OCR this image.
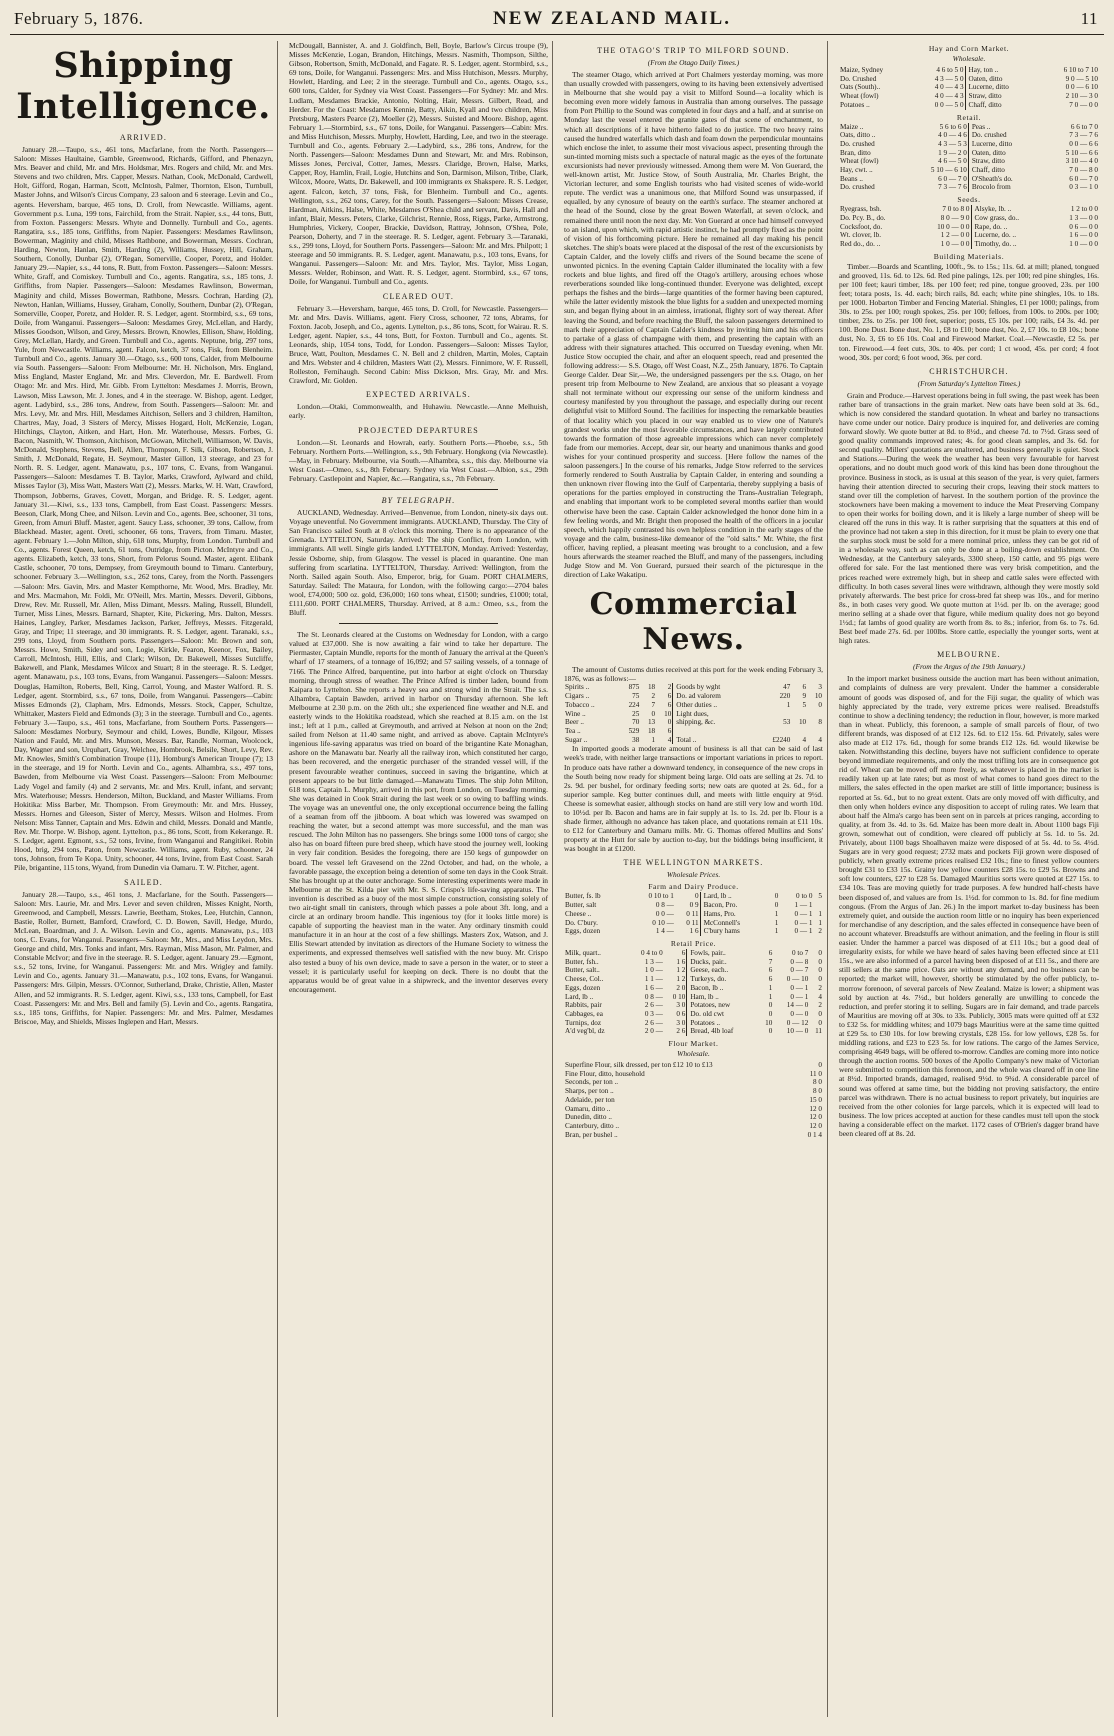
February 5, 1876.	NEW ZEALAND MAIL.	11
Shipping Intelligence.
ARRIVED.

January 28.—Taupo, s.s., 461 tons, Macfarlane, from the North. Passengers—Saloon: Misses Haultaine, Gamble, Greenwood, Richards, Gifford, and Phenazyn, Mrs. Beaver and child, Mr. and Mrs. Holdsmar, Mrs. Rogers and child, Mr. and Mrs. Stevens and two children, Mrs. Capper, Messrs. Nathan, Cook, McDonald, Cardwell, Holt, Gifford, Rogan, Harman, Scott, McIntosh, Palmer, Thornton, Elson, Turnbull, Master Johns, and Wilson's Circus Company, 23 saloon and 6 steerage. Levin and Co., agents. Heversham, barque, 465 tons, D. Croll, from Newcastle. Williams, agent. Government p.s. Luna, 199 tons, Fairchild, from the Strait. Napier, s.s., 44 tons, Butt, from Foxton. Passengers: Messrs. Whyte and Donnelly. Turnbull and Co., agents. Rangatira, s.s., 185 tons, Griffiths, from Napier. Passengers: Mesdames Rawlinson, Bowerman, Maginity and child, Misses Rathbone, and Bowerman, Messrs. Cochran, Harding, Newton, Hanlan, Smith, Harding (2), Williams, Hussey, Hill, Graham, Southern, Conolly, Dunbar (2), O'Regan, Somerville, Cooper, Poretz, and Holder. January 29.—Napier, s.s., 44 tons, R. Butt, from Foxton. Passengers—Saloon: Messrs. White, Graff, and Comiskey. Turnbull and Co., agents. Rangatira, s.s., 185 tons, J. Griffiths, from Napier. Passengers—Saloon: Mesdames Rawlinson, Bowerman, Maginity and child, Misses Bowerman, Rathbone, Messrs. Cochran, Harding (2), Newton, Hanlan, Williams, Hussey, Graham, Conolly, Southern, Dunbar (2), O'Regan, Somerville, Cooper, Poretz, and Holder. R. S. Ledger, agent. Stormbird, s.s., 69 tons, Doile, from Wanganui. Passengers—Saloon: Mesdames Grey, McLellan, and Hardy, Misses Goodson, Wilson, and Grey, Messrs. Brown, Knowles, Ellison, Shaw, Holding, Grey, McLellan, Hardy, and Green. Turnbull and Co., agents. Neptune, brig, 297 tons, Yule, from Newcastle. Williams, agent. Falcon, ketch, 37 tons, Fisk, from Blenheim. Turnbull and Co., agents. January 30.—Otago, s.s., 600 tons, Calder, from Melbourne via South. Passengers—Saloon: From Melbourne: Mr. H. Nicholson, Mrs. England, Miss England, Master England, Mr. and Mrs. Cleverdon, Mr. E. Bardwell. From Otago: Mr. and Mrs. Hird, Mr. Gibb. From Lyttelton: Mesdames J. Morris, Brown, Lawson, Miss Lawson, Mr. J. Jones, and 4 in the steerage. W. Bishop, agent. Ledger, agent. Ladybird, s.s., 286 tons, Andrew, from South. Passengers—Saloon: Mr. and Mrs. Levy, Mr. and Mrs. Hill, Mesdames Aitchison, Sellers and 3 children, Hamilton, Chartres, May, Joad, 3 Sisters of Mercy, Misses Hogard, Holt, McKenzie, Logan, Hitchings, Clayton, Aitken, and Hart, Hon. Mr. Waterhouse, Messrs. Forbes, G. Bacon, Nasmith, W. Thomson, Aitchison, McGowan, Mitchell, Williamson, W. Davis, McDonald, Stephens, Stevens, Bell, Allen, Thompson, F. Silk, Gibson, Robertson, J. Smith, J. McDonald, Regate, H. Seymour, Master Gillon, 13 steerage, and 23 for North. R. S. Ledger, agent. Manawatu, p.s., 107 tons, C. Evans, from Wanganui. Passengers—Saloon: Mesdames T. B. Taylor, Marks, Crawford, Aylward and child, Misses Taylor (3), Miss Watt, Masters Watt (2), Messrs. Marks, W. H. Watt, Crawford, Thompson, Jobberns, Graves, Covett, Morgan, and Bridge. R. S. Ledger, agent. January 31.—Kiwi, s.s., 133 tons, Campbell, from East Coast. Passengers: Messrs. Beeson, Clark, Mong Chee, and Nilson. Levin and Co., agents. Bee, schooner, 31 tons, Green, from Amuri Bluff. Master, agent. Saucy Lass, schooner, 39 tons, Callow, from Blackhead. Master, agent. Oreti, schooner, 66 tons, Travers, from Timaru. Master, agent. February 1.—John Milton, ship, 618 tons, Murphy, from London. Turnbull and Co., agents. Forest Queen, ketch, 61 tons, Outridge, from Picton. McIntyre and Co., agents. Elizabeth, ketch, 33 tons, Short, from Pelorus Sound. Master, agent. Elibank Castle, schooner, 70 tons, Dempsey, from Greymouth bound to Timaru. Canterbury, schooner. February 3.—Wellington, s.s., 262 tons, Carey, from the North. Passengers—Saloon: Mrs. Gavin, Mrs. and Master Kempthorne, Mr. Wood, Mrs. Bradley, Mr. and Mrs. Macmahon, Mr. Foldi, Mr. O'Neill, Mrs. Martin, Messrs. Deveril, Gibbons, Drew, Rev. Mr. Russell, Mr. Allen, Miss Dimant, Messrs. Maling, Russell, Blundell, Turner, Miss Lines, Messrs. Barnard, Shapter, Kite, Pickering, Mrs. Dalton, Messrs. Haines, Langley, Parker, Mesdames Jackson, Parker, Jeffreys, Messrs. Fitzgerald, Gray, and Tripe; 11 steerage, and 30 immigrants. R. S. Ledger, agent. Taranaki, s.s., 299 tons, Lloyd, from Southern ports. Passengers—Saloon: Mr. Brown and son, Messrs. Howe, Smith, Sidey and son, Logie, Kirkle, Fearon, Keenor, Fox, Bailey, Carroll, McIntosh, Hill, Ellis, and Clark; Wilson, Dr. Bakewell, Misses Sutcliffe, Bakewell, and Plank, Mesdames Wilcox and Stuart; 8 in the steerage. R. S. Ledger, agent. Manawatu, p.s., 103 tons, Evans, from Wanganui. Passengers—Saloon: Messrs. Douglas, Hamilton, Roberts, Bell, King, Carrol, Young, and Master Walford. R. S. Ledger, agent. Stormbird, s.s., 67 tons, Doile, from Wanganui. Passengers—Cabin: Misses Edmonds (2), Clapham, Mrs. Edmonds, Messrs. Stock, Capper, Schultze, Whittaker, Masters Field and Edmonds (3); 3 in the steerage. Turnbull and Co., agents. February 3.—Taupo, s.s., 461 tons, Macfarlane, from Southern Ports. Passengers—Saloon: Mesdames Norbury, Seymour and child, Lowes, Bundle, Kilgour, Misses Nation and Fauld, Mr. and Mrs. Munson, Messrs. Bar, Randle, Norman, Woolcock, Day, Wagner and son, Urquhart, Gray, Welchee, Hombrook, Belsile, Short, Levy, Rev. Mr. Knowles, Smith's Combination Troupe (11), Homburg's American Troupe (7); 13 in the steerage, and 19 for North. Levin and Co., agents. Alhambra, s.s., 497 tons, Bawden, from Melbourne via West Coast. Passengers—Saloon: From Melbourne: Lady Vogel and family (4) and 2 servants, Mr. and Mrs. Krull, infant, and servant; Mrs. Waterhouse; Messrs. Henderson, Milton, Buckland, and Master Williams. From Hokitika: Miss Barber, Mr. Thompson. From Greymouth: Mr. and Mrs. Hussey, Messrs. Hornes and Gleeson, Sister of Mercy, Messrs. Wilson and Holmes. From Nelson: Miss Tanner, Captain and Mrs. Edwin and child, Messrs. Donald and Mantle, Rev. Mr. Thorpe. W. Bishop, agent. Lyttelton, p.s., 86 tons, Scott, from Kekerange. R. S. Ledger, agent. Egmont, s.s., 52 tons, Irvine, from Wanganui and Rangitikei. Robin Hood, brig, 294 tons, Paton, from Newcastle. Williams, agent. Ruby, schooner, 24 tons, Johnson, from Te Kopa. Unity, schooner, 44 tons, Irvine, from East Coast. Sarah Pile, brigantine, 115 tons, Wyand, from Dunedin via Oamaru. T. W. Pitcher, agent.

SAILED.

January 28.—Taupo, s.s., 461 tons, J. Macfarlane, for the South. Passengers—Saloon: Mrs. Laurie, Mr. and Mrs. Lever and seven children, Misses Knight, North, Greenwood, and Campbell, Messrs. Lawrie, Beetham, Stokes, Lee, Hutchin, Cannon, Bastie, Roller, Burnett, Bamford, Crawford, C. D. Bowen, Savill, Hedge, Murdo, McLean, Boardman, and J. A. Wilson. Levin and Co., agents. Manawatu, p.s., 103 tons, C. Evans, for Wanganui. Passengers—Saloon: Mr., Mrs., and Miss Leydon, Mrs. George and child, Mrs. Tonks and infant, Mrs. Rayman, Miss Mason, Mr. Palmer, and Constable McIvor; and five in the steerage. R. S. Ledger, agent. January 29.—Egmont, s.s., 52 tons, Irvine, for Wanganui. Passengers: Mr. and Mrs. Wrigley and family. Levin and Co., agents. January 31.—Manawatu, p.s., 102 tons, Evans, for Wanganui. Passengers: Mrs. Gilpin, Messrs. O'Connor, Sutherland, Drake, Christie, Allen, Master Allen, and 52 immigrants. R. S. Ledger, agent. Kiwi, s.s., 133 tons, Campbell, for East Coast. Passengers: Mr. and Mrs. Bell and family (5). Levin and Co., agents. Rangatira, s.s., 185 tons, Griffiths, for Napier. Passengers: Mr. and Mrs. Palmer, Mesdames Briscoe, May, and Shields, Misses Inglepen and Hart, Messrs.

McDougall, Bannister, A. and J. Goldfinch, Bell, Boyle, Barlow's Circus troupe (9), Misses McKenzie, Logan, Brandon, Hitchings, Messrs. Nasmith, Thompson, Silthe, Gibson, Robertson, Smith, McDonald, and Fagate. R. S. Ledger, agent. Stormbird, s.s., 69 tons, Doile, for Wanganui. Passengers: Mrs. and Miss Hutchison, Messrs. Murphy, Howlett, Harding, and Lee; 2 in the steerage. Turnbull and Co., agents. Otago, s.s., 600 tons, Calder, for Sydney via West Coast. Passengers—For Sydney: Mr. and Mrs. Ludlam, Mesdames Brackie, Antonio, Nolting, Hair, Messrs. Gilbert, Read, and Herder. For the Coast: Mesdames Kennie, Batty, Aikin, Kyall and two children, Miss Pretsburg, Masters Pearce (2), Moeller (2), Messrs. Suisted and Moore. Bishop, agent. February 1.—Stormbird, s.s., 67 tons, Doile, for Wanganui. Passengers—Cabin: Mrs. and Miss Hutchison, Messrs. Murphy, Howlett, Harding, Lee, and two in the steerage. Turnbull and Co., agents. February 2.—Ladybird, s.s., 286 tons, Andrew, for the North. Passengers—Saloon: Mesdames Dunn and Stewart, Mr. and Mrs. Robinson, Misses Jones, Percival, Cotter, James, Messrs. Claridge, Brown, Halse, Marks, Capper, Roy, Hamlin, Frail, Logie, Hutchins and Son, Darmison, Milson, Tribe, Clark, Wilcox, Moore, Watts, Dr. Bakewell, and 100 immigrants ex Shakspere. R. S. Ledger, agent. Falcon, ketch, 37 tons, Fisk, for Blenheim. Turnbull and Co., agents. Wellington, s.s., 262 tons, Carey, for the South. Passengers—Saloon: Misses Crease, Hardman, Aitkins, Halse, White, Mesdames O'Shea child and servant, Davis, Hall and infant, Blair, Messrs. Peters, Clarke, Gilchrist, Rennie, Ross, Riggs, Parke, Armstrong, Humphries, Vickery, Cooper, Brackie, Davidson, Rattray, Johnson, O'Shea, Pole, Pearson, Doherty, and 7 in the steerage. R. S. Ledger, agent. February 3.—Taranaki, s.s., 299 tons, Lloyd, for Southern Ports. Passengers—Saloon: Mr. and Mrs. Philpott; 1 steerage and 50 immigrants. R. S. Ledger, agent. Manawatu, p.s., 103 tons, Evans, for Wanganui. Passengers—Saloon: Mr. and Mrs. Taylor, Mrs. Taylor, Miss Logan, Messrs. Welder, Robinson, and Watt. R. S. Ledger, agent. Stormbird, s.s., 67 tons, Doile, for Wanganui. Turnbull and Co., agents.

CLEARED OUT.

February 3.—Heversham, barque, 465 tons, D. Croll, for Newcastle. Passengers—Mr. and Mrs. Davis. Williams, agent. Fiery Cross, schooner, 72 tons, Abrams, for Foxton. Jacob, Joseph, and Co., agents. Lyttelton, p.s., 86 tons, Scott, for Wairau. R. S. Ledger, agent. Napier, s.s., 44 tons, Butt, for Foxton. Turnbull and Co., agents. St. Leonards, ship, 1054 tons, Todd, for London. Passengers—Saloon: Misses Taylor, Bruce, Watt, Poulton, Mesdames C. N. Bell and 2 children, Martin, Moles, Captain and Mrs. Webster and 4 children, Masters Watt (2), Messrs. Finnimore, W. F. Russell, Rolleston, Fernihaugh. Second Cabin: Miss Dickson, Mrs. Gray, Mr. and Mrs. Crawford, Mr. Golden.

EXPECTED ARRIVALS.

London.—Otaki, Commonwealth, and Huhawiu. Newcastle.—Anne Melhuish, early.

PROJECTED DEPARTURES

London.—St. Leonards and Howrah, early. Southern Ports.—Phoebe, s.s., 5th February. Northern Ports.—Wellington, s.s., 9th February. Hongkong (via Newcastle).—May, in February. Melbourne, via South.—Alhambra, s.s., this day. Melbourne via West Coast.—Omeo, s.s., 8th February. Sydney via West Coast.—Albion, s.s., 29th February. Castlepoint and Napier, &c.—Rangatira, s.s., 7th February.

BY TELEGRAPH.

AUCKLAND, Wednesday. Arrived—Benvenue, from London, ninety-six days out. Voyage uneventful. No Government immigrants. AUCKLAND, Thursday. The City of San Francisco sailed South at 8 o'clock this morning. There is no appearance of the Grenada. LYTTELTON, Saturday. Arrived: The ship Conflict, from London, with immigrants. All well. Single girls landed. LYTTELTON, Monday. Arrived: Yesterday, Jessie Osborne, ship, from Glasgow. The vessel is placed in quarantine. One man suffering from scarlatina. LYTTELTON, Thursday. Arrived: Wellington, from the North. Sailed again South. Also, Emperor, brig, for Guam. PORT CHALMERS, Saturday. Sailed: The Mataura, for London, with the following cargo:—2704 bales wool, £74,000; 500 oz. gold, £36,000; 160 tons wheat, £1500; sundries, £1000; total, £111,600. PORT CHALMERS, Thursday. Arrived, at 8 a.m.: Omeo, s.s., from the Bluff.

The St. Leonards cleared at the Customs on Wednesday for London, with a cargo valued at £37,000. She is now awaiting a fair wind to take her departure. The Piermaster, Captain Mundle, reports for the month of January the arrival at the Queen's wharf of 17 steamers, of a tonnage of 16,092; and 57 sailing vessels, of a tonnage of 7166. The Prince Alfred, barquentine, put into harbor at eight o'clock on Thursday morning, through stress of weather. The Prince Alfred is timber laden, bound from Kaipara to Lyttelton. She reports a heavy sea and strong wind in the Strait. The s.s. Alhambra, Captain Bawden, arrived in harbor on Thursday afternoon. She left Melbourne at 2.30 p.m. on the 26th ult.; she experienced fine weather and N.E. and easterly winds to the Hokitika roadstead, which she reached at 8.15 a.m. on the 1st inst.; left at 1 p.m., called at Greymouth, and arrived at Nelson at noon on the 2nd; sailed from Nelson at 11.40 same night, and arrived as above. Captain McIntyre's ingenious life-saving apparatus was tried on board of the brigantine Kate Monaghan, ashore on the Manawatu bar. Nearly all the railway iron, which constituted her cargo, has been recovered, and the energetic purchaser of the stranded vessel will, if the present favourable weather continues, succeed in saving the brigantine, which at present appears to be but little damaged.—Manawatu Times. The ship John Milton, 618 tons, Captain L. Murphy, arrived in this port, from London, on Tuesday morning. She was detained in Cook Strait during the last week or so owing to baffling winds. The voyage was an uneventful one, the only exceptional occurrence being the falling of a seaman from off the jibboom. A boat which was lowered was swamped on reaching the water, but a second attempt was more successful, and the man was rescued. The John Milton has no passengers. She brings some 1000 tons of cargo; she also has on board fifteen pure bred sheep, which have stood the journey well, looking in very fair condition. Besides the foregoing, there are 150 kegs of gunpowder on board. The vessel left Gravesend on the 22nd October, and had, on the whole, a favorable passage, the exception being a detention of some ten days in the Cook Strait. She has brought up at the outer anchorage. Some interesting experiments were made in Melbourne at the St. Kilda pier with Mr. S. S. Crispo's life-saving apparatus. The invention is described as a buoy of the most simple construction, consisting solely of two air-tight small tin canisters, through which passes a pole about 3ft. long, and a circle at an ordinary broom handle. This ingenious toy (for it looks little more) is capable of supporting the heaviest man in the water. Any ordinary tinsmith could manufacture it in an hour at the cost of a few shillings. Masters Zox, Watson, and J. Ellis Stewart attended by invitation as directors of the Humane Society to witness the experiments, and expressed themselves well satisfied with the new buoy. Mr. Crispo also tested a buoy of his own device, made to save a person in the water, or to steer a vessel; it is particularly useful for keeping on deck. There is no doubt that the apparatus would be of great value in a shipwreck, and the inventor deserves every encouragement.

THE OTAGO'S TRIP TO MILFORD SOUND.
(From the Otago Daily Times.)

The steamer Otago, which arrived at Port Chalmers yesterday morning, was more than usually crowded with passengers, owing to its having been extensively advertised in Melbourne that she would pay a visit to Milford Sound—a locality which is becoming even more widely famous in Australia than among ourselves. The passage from Port Phillip to the Sound was completed in four days and a half, and at sunrise on Monday last the vessel entered the granite gates of that scene of enchantment, to which all descriptions of it have hitherto failed to do justice. The two heavy rains caused the hundred waterfalls which dash and foam down the perpendicular mountains which enclose the inlet, to assume their most vivacious aspect, presenting through the sun-tinted morning mists such a spectacle of natural magic as the eyes of the fortunate excursionists had never previously witnessed. Among them were M. Von Guerard, the well-known artist, Mr. Justice Stow, of South Australia, Mr. Charles Bright, the Victorian lecturer, and some English tourists who had visited scenes of wide-world repute. The verdict was a unanimous one, that Milford Sound was unsurpassed, if equalled, by any cynosure of beauty on the earth's surface. The steamer anchored at the head of the Sound, close by the great Bowen Waterfall, at seven o'clock, and remained there until noon the next day. Mr. Von Guerard at once had himself conveyed to an island, upon which, with rapid artistic instinct, he had promptly fixed as the point of vision of his forthcoming picture. Here he remained all day making his pencil sketches. The ship's boats were placed at the disposal of the rest of the excursionists by Captain Calder, and the lovely cliffs and rivers of the Sound became the scene of unwonted picnics. In the evening Captain Calder illuminated the locality with a few rockets and blue lights, and fired off the Otago's artillery, arousing echoes whose reverberations sounded like long-continued thunder. Everyone was delighted, except perhaps the fishes and the birds—large quantities of the former having been captured, while the latter evidently mistook the blue lights for a sudden and unexpected morning sun, and began flying about in an aimless, irrational, flighty sort of way thereat. After leaving the Sound, and before reaching the Bluff, the saloon passengers determined to mark their appreciation of Captain Calder's kindness by inviting him and his officers to partake of a glass of champagne with them, and presenting the captain with an address with their signatures attached. This occurred on Tuesday evening, when Mr. Justice Stow occupied the chair, and after an eloquent speech, read and presented the following address:— S.S. Otago, off West Coast, N.Z., 25th January, 1876. To Captain George Calder. Dear Sir,—We, the undersigned passengers per the s.s. Otago, on her present trip from Melbourne to New Zealand, are anxious that so pleasant a voyage shall not terminate without our expressing our sense of the uniform kindness and courtesy manifested by you throughout the passage, and especially during our recent delightful visit to Milford Sound. The facilities for inspecting the remarkable beauties of that locality which you placed in our way enabled us to view one of Nature's grandest works under the most favorable circumstances, and have largely contributed towards the formation of those agreeable impressions which can never completely fade from our memories. Accept, dear sir, our hearty and unanimous thanks and good wishes for your continued prosperity and success. [Here follow the names of the saloon passengers.] In the course of his remarks, Judge Stow referred to the services formerly rendered to South Australia by Captain Calder, in entering and sounding a then unknown river flowing into the Gulf of Carpentaria, thereby supplying a basis of operations for the parties employed in constructing the Trans-Australian Telegraph, and enabling that important work to be completed several months earlier than would otherwise have been the case. Captain Calder acknowledged the honor done him in a few feeling words, and Mr. Bright then proposed the health of the officers in a jocular speech, which happily contrasted his own helpless condition in the early stages of the voyage and the calm, business-like demeanor of the "old salts." Mr. White, the first officer, having replied, a pleasant meeting was brought to a conclusion, and a few hours afterwards the steamer reached the Bluff, and many of the passengers, including Judge Stow and M. Von Guerard, pursued their search of the picturesque in the direction of Lake Wakatipu.

Commercial News.

The amount of Customs duties received at this port for the week ending February 3, 1876, was as follows:—

Spirits ..	875	18	2	Goods by wght	47	6	3
Cigars ..	75	2	6	Do. ad valorem	220	9	10
Tobacco ..	224	7	6	Other duties ..	1	5	0
Wine ..	25	0	10	Light dues,			
Beer ..	70	13	0	shipping, &c.	53	10	8
Tea ..	529	18	6				
Sugar ..	38	1	4	Total ..	£2240	4	4

In imported goods a moderate amount of business is all that can be said of last week's trade, with neither large transactions or important variations in prices to report. In produce oats have rather a downward tendency, in consequence of the new crops in the South being now ready for shipment being large. Old oats are selling at 2s. 7d. to 2s. 9d. per bushel, for ordinary feeding sorts; new oats are quoted at 2s. 6d., for a superior sample. Keg butter continues dull, and meets with little enquiry at 9½d. Cheese is somewhat easier, although stocks on hand are still very low and worth 10d. to 10½d. per lb. Bacon and hams are in fair supply at 1s. to 1s. 2d. per lb. Flour is a shade firmer, although no advance has taken place, and quotations remain at £11 10s. to £12 for Canterbury and Oamaru mills. Mr. G. Thomas offered Mullins and Sons' property at the Hutt for sale by auction to-day, but the biddings being insufficient, it was bought in at £1200.

THE WELLINGTON MARKETS.
Wholesale Prices.
Farm and Dairy Produce.
Butter, fs. lb	0 10 to 1	0	Lard, lb ..	0	0 to 0	5
Butter, salt	0 8 —	0 9	Bacon, Pro.	0	1 — 1	
Cheese ..	0 0 —	0 11	Hams, Pro.	1	0 — 1	1
Do. C'bury.	0 10 —	0 11	McConnell's	1	0 — 1	1
Eggs, dozen	1 4 —	1 6	C'bury hams	1	0 — 1	2
Retail Price.
Milk, quart..	0 4 to 0	6	Fowls, pair..	6	0 to 7	0
Butter, fsh..	1 3 —	1 6	Ducks, pair..	7	0 — 8	0
Butter, salt..	1 0 —	1 2	Geese, each..	6	0 — 7	0
Cheese, Col..	1 1 —	1 2	Turkeys, do.	6	0 — 10	0
Eggs, dozen	1 6 —	2 0	Bacon, lb ..	1	0 — 1	2
Lard, lb ..	0 8 —	0 10	Ham, lb ..	1	0 — 1	4
Rabbits, pair	2 6 —	3 0	Potatoes, new	0	14 — 0	2
Cabbages, ea	0 3 —	0 6	Do. old cwt	0	0 — 0	0
Turnips, doz	2 6 —	3 0	Potatoes ..	10	0 — 12	0
A'd veg'bl, dz	2 0 —	2 6	Bread, 4lb loaf	0	10 — 0	11
Flour Market.
Wholesale.
Superfine Flour, silk dressed, per ton £12 10 to £13	0
Fine Flour, ditto, household	11 0
Seconds, per ton ..	8 0
Sharps, per ton ..	8 0
Adelaide, per ton	15 0
Oamaru, ditto ..	12 0
Dunedin, ditto ..	12 0
Canterbury, ditto ..	12 0
Bran, per bushel ..	0 1 4
Hay and Corn Market.
Wholesale.
Maize, Sydney	4 6 to 5 0	Hay, ton ..	6 10 to 7 10
Do. Crushed	4 3 — 5 0	Oaten, ditto	9 0 — 5 10
Oats (South)..	4 0 — 4 3	Lucerne, ditto	0 0 — 6 10
Wheat (fowl)	4 0 — 4 3	Straw, ditto	2 10 — 3 0
Potatoes ..	0 0 — 5 0	Chaff, ditto	7 0 — 0 0
Retail.
Maize ..	5 6 to 6 0	Peas ..	6 6 to 7 0
Oats, ditto ..	4 0 — 4 6	Do. crushed	7 3 — 7 6
Do. crushed	4 3 — 5 3	Lucerne, ditto	0 0 — 6 6
Bran, ditto	1 9 — 2 0	Oaten, ditto	5 10 — 6 6
Wheat (fowl)	4 6 — 5 0	Straw, ditto	3 10 — 4 0
Hay, cwt. ..	5 10 — 6 10	Chaff, ditto	7 0 — 8 0
Beans ..	6 0 — 7 0	O'Sheath's do.	6 0 — 7 0
Do. crushed	7 3 — 7 6	Brocolo from	0 3 — 1 0
Seeds.
Ryegrass, bsh.	7 0 to 8 0	Alsyke, lb. ..	1 2 to 0 0
Do. Pcy. B., do.	8 0 — 9 0	Cow grass, do..	1 3 — 0 0
Cocksfoot, do.	10 0 — 0 0	Rape, do. ..	0 6 — 0 0
Wt. clover, lb.	1 2 — 0 0	Lucerne, do. ..	1 6 — 0 0
Red do., do. ..	1 0 — 0 0	Timothy, do. ..	1 0 — 0 0
Building Materials.

Timber.—Boards and Scantling, 100ft., 9s. to 15s.; 11s. 6d. at mill; planed, tongued and grooved, 11s. 6d. to 12s. 6d. Red pine palings, 12s. per 100; red pine shingles, 16s. per 100 feet; kauri timber, 18s. per 100 feet; red pine, tongue grooved, 23s. per 100 feet; totara posts, 1s. 4d. each; birch rails, 8d. each; white pine shingles, 10s. to 18s. per 1000. Hobarton Timber and Fencing Material. Shingles, £1 per 1000; palings, from 30s. to 25s. per 100; rough spokes, 25s. per 100; felloes, from 100s. to 200s. per 100; timber, 23s. to 25s. per 100 feet, superior; posts, £5 10s. per 100; rails, £4 3s. 4d. per 100. Bone Dust. Bone dust, No. 1, £8 to £10; bone dust, No. 2, £7 10s. to £8 10s.; bone dust, No. 3, £6 to £6 10s. Coal and Firewood Market. Coal.—Newcastle, £2 5s. per ton. Firewood.—4 feet cuts, 30s. to 40s. per cord; 1 ct wood, 45s. per cord; 4 foot wood, 30s. per cord; 6 foot wood, 36s. per cord.

CHRISTCHURCH.
(From Saturday's Lyttelton Times.)

Grain and Produce.—Harvest operations being in full swing, the past week has been rather bare of transactions in the grain market. New oats have been sold at 3s. 6d., which is now considered the standard quotation. In wheat and barley no transactions have come under our notice. Dairy produce is inquired for, and deliveries are coming forward slowly. We quote butter at 8d. to 8½d., and cheese 7d. to 7½d. Grass seed of good quality commands improved rates; 4s. for good clean samples, and 3s. 6d. for second quality. Millers' quotations are unaltered, and business generally is quiet. Stock and Stations.—During the week the weather has been very favourable for harvest operations, and no doubt much good work of this kind has been done throughout the province. Business in stock, as is usual at this season of the year, is very quiet, farmers having their attention directed to securing their crops, leaving their stock matters to stand over till the completion of harvest. In the southern portion of the province the stockowners have been making a movement to induce the Meat Preserving Company to open their works for boiling down, and it is likely a large number of sheep will be cleared off the runs in this way. It is rather surprising that the squatters at this end of the province had not taken a step in this direction, for it must be plain to every one that the surplus stock must be sold for a mere nominal price, unless they can be got rid of in a wholesale way, such as can only be done at a boiling-down establishment. On Wednesday, at the Canterbury saleyards, 3300 sheep, 150 cattle, and 95 pigs were offered for sale. For the last mentioned there was very brisk competition, and the prices reached were extremely high, but in sheep and cattle sales were effected with difficulty. In both cases several lines were withdrawn, although they were mostly sold privately afterwards. The best price for cross-bred fat sheep was 10s., and for merino 8s., in both cases very good. We quote mutton at 1½d. per lb. on the average; good merino selling at a shade over that figure, while medium quality does not go beyond 1½d.; fat lambs of good quality are worth from 8s. to 8s.; inferior, from 6s. to 7s. 6d. Best beef made 27s. 6d. per 100lbs. Store cattle, especially the younger sorts, went at high rates.

MELBOURNE.
(From the Argus of the 19th January.)

In the import market business outside the auction mart has been without animation, and complaints of dulness are very prevalent. Under the hammer a considerable amount of goods was disposed of, and for the Fiji sugar, the quality of which was highly appreciated by the trade, very extreme prices were realised. Breadstuffs continue to show a declining tendency; the reduction in flour, however, is more marked than in wheat. Publicly, this forenoon, a sample of small parcels of flour, of two different brands, was disposed of at £12 12s. 6d. to £12 15s. 6d. Privately, sales were also made at £12 17s. 6d., though for some brands £12 12s. 6d. would likewise be taken. Notwithstanding this decline, buyers have not sufficient confidence to operate beyond immediate requirements, and only the most trifling lots are in consequence got rid of. Wheat can be moved off more freely, as whatever is placed in the market is readily taken up at late rates; but as most of what comes to hand goes direct to the millers, the sales effected in the open market are still of little importance; business is reported at 5s. 6d., but to no great extent. Oats are only moved off with difficulty, and then only when holders evince any disposition to accept of ruling rates. We learn that about half the Alma's cargo has been sent on in parcels at prices ranging, according to quality, at from 3s. 4d. to 3s. 6d. Maize has been more dealt in. About 1100 bags Fiji grown, somewhat out of condition, were cleared off publicly at 5s. 1d. to 5s. 2d. Privately, about 1100 bags Shoalhaven maize were disposed of at 5s. 4d. to 5s. 4½d. Sugars are in very good request; 2732 mats and pockets Fiji grown were disposed of publicly, when greatly extreme prices realised £32 10s.; fine to finest yellow counters brought £31 to £33 15s. Grainy low yellow counters £28 15s. to £29 5s. Browns and soft low counters, £27 to £28 5s. Damaged Mauritius sorts were quoted at £27 15s. to £34 10s. Teas are moving quietly for trade purposes. A few hundred half-chests have been disposed of, and values are from 1s. 1½d. for common to 1s. 8d. for fine medium congous. (From the Argus of Jan. 26.) In the import market to-day business has been extremely quiet, and outside the auction room little or no inquiry has been experienced for merchandise of any description, and the sales effected in consequence have been of no account whatever. Breadstuffs are without animation, and the feeling in flour is still easier. Under the hammer a parcel was disposed of at £11 10s.; but a good deal of irregularity exists, for while we have heard of sales having been effected since at £11 15s., we are also informed of a parcel having been disposed of at £11 5s., and there are still sellers at the same price. Oats are without any demand, and no business can be reported; the market will, however, shortly be stimulated by the offer publicly, to-morrow forenoon, of several parcels of New Zealand. Maize is lower; a shipment was sold by auction at 4s. 7½d., but holders generally are unwilling to concede the reduction, and prefer storing it to selling. Sugars are in fair demand, and trade parcels of Mauritius are moving off at 30s. to 33s. Publicly, 3005 mats were quitted off at £32 to £32 5s. for middling whites; and 1079 bags Mauritius were at the same time quitted at £29 5s. to £30 10s. for low brewing crystals, £28 15s. for low yellows, £28 5s. for middling rations, and £23 to £23 5s. for low rations. The cargo of the James Service, comprising 4649 bags, will be offered to-morrow. Candles are coming more into notice through the auction rooms. 500 boxes of the Apollo Company's new make of Victorian were submitted to competition this forenoon, and the whole was cleared off in one line at 8½d. Imported brands, damaged, realised 9½d. to 9¾d. A considerable parcel of sound was offered at same time, but the bidding not proving satisfactory, the entire parcel was withdrawn. There is no actual business to report privately, but inquiries are received from the other colonies for large parcels, which it is expected will lead to business. The low prices accepted at auction for these candles must tell upon the stock having a considerable effect on the market. 1172 cases of O'Brien's dagger brand have been cleared off at 8s. 2d.
